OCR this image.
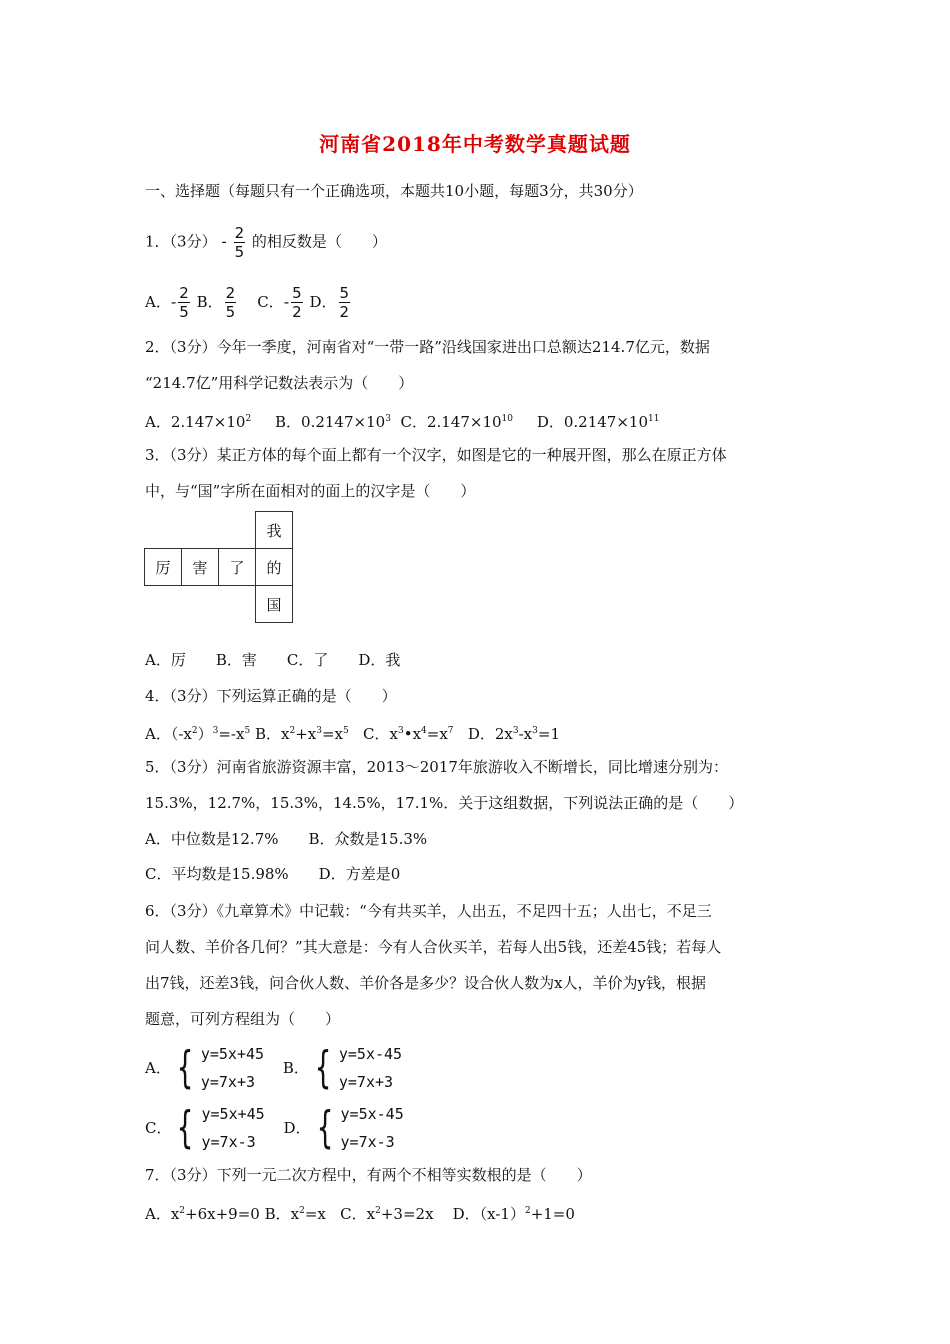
河南省2018年中考数学真题试题
一、选择题（每题只有一个正确选项，本题共10小题，每题3分，共30分）
1．（3分） - $\frac{2}{5}$ 的相反数是（　　）
A．- $\frac{2}{5}$ B． $\frac{2}{5}$ C．- $\frac{5}{2}$ D． $\frac{5}{2}$
2．（3分）今年一季度，河南省对“一带一路”沿线国家进出口总额达214.7亿元，数据
“214.7亿”用科学记数法表示为（　　）
A．$2.147\times 10^2$ B．$0.2147\times 10^3$ C．$2.147\times 10^{10}$ D．$0.2147\times 10^{11}$
3．（3分）某正方体的每个面上都有一个汉字，如图是它的一种展开图，那么在原正方体
中，与“国”字所在面相对的面上的汉字是（　　）
			我
厉	害	了	的
			国
A．厉　　B．害　　C．了　　D．我
4．（3分）下列运算正确的是（　　）
A．$(-x^2)^3=-x^5$ B．$x^2+x^3=x^5$ C．$x^3•x^4=x^7$ D．$2x^3-x^3=1$
5．（3分）河南省旅游资源丰富，2013～2017年旅游收入不断增长，同比增速分别为：
15.3%，12.7%，15.3%，14.5%，17.1%．关于这组数据，下列说法正确的是（　　）
A．中位数是12.7%　　B．众数是15.3%
C．平均数是15.98%　　D．方差是0
6．（3分）《九章算术》中记载：“今有共买羊，人出五，不足四十五；人出七，不足三
问人数、羊价各几何？”其大意是：今有人合伙买羊，若每人出5钱，还差45钱；若每人
出7钱，还差3钱，问合伙人数、羊价各是多少？设合伙人数为x人，羊价为y钱，根据
题意，可列方程组为（　　）
A． { y=5x+45
y=7x+3

B． { y=5x-45
y=7x+3
C． { y=5x+45
y=7x-3

D． { y=5x-45
y=7x-3
7．（3分）下列一元二次方程中，有两个不相等实数根的是（　　）
A．$x^2+6x+9=0$ B．$x^2=x$ C．$x^2+3=2x$ D．$(x-1)^2+1=0$
